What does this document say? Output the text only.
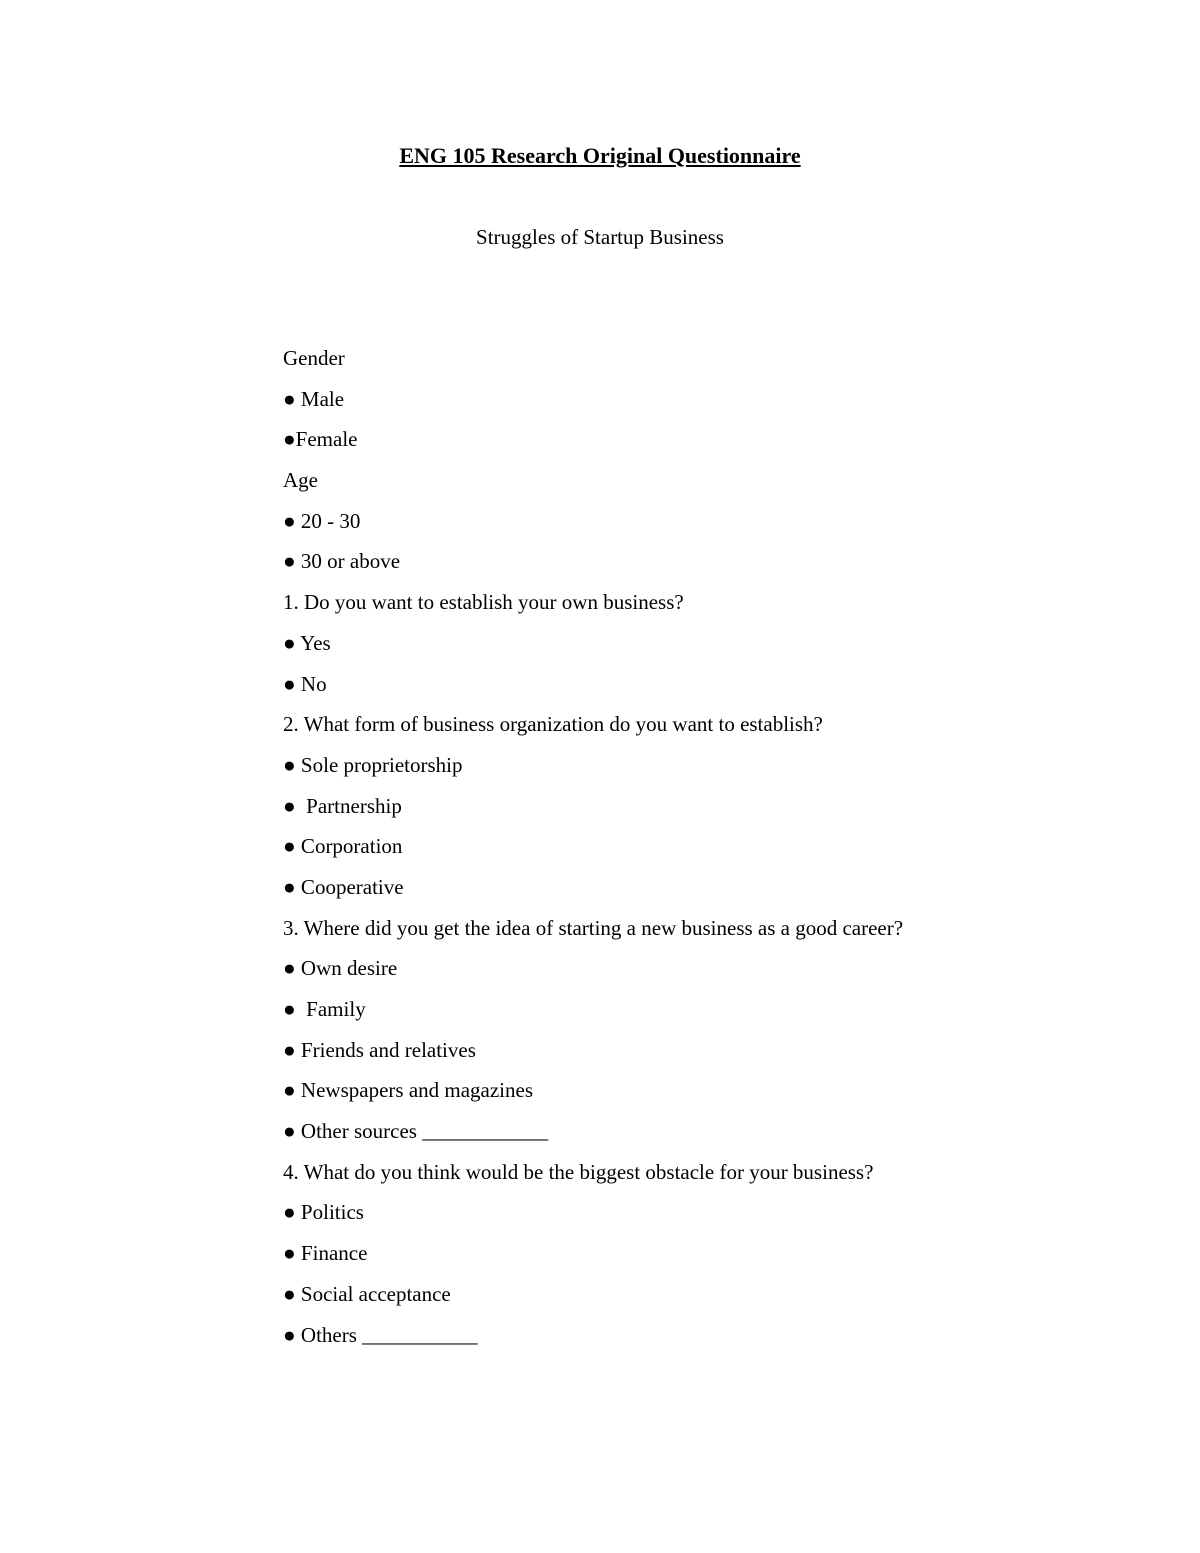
ENG 105 Research Original Questionnaire
Struggles of Startup Business
Gender
● Male
●Female
Age
● 20 - 30
● 30 or above
1. Do you want to establish your own business?
● Yes
● No
2. What form of business organization do you want to establish?
● Sole proprietorship
●  Partnership
● Corporation
● Cooperative
3. Where did you get the idea of starting a new business as a good career?
● Own desire
●  Family
● Friends and relatives
● Newspapers and magazines
● Other sources ____________
4. What do you think would be the biggest obstacle for your business?
● Politics
● Finance
● Social acceptance
● Others ___________
